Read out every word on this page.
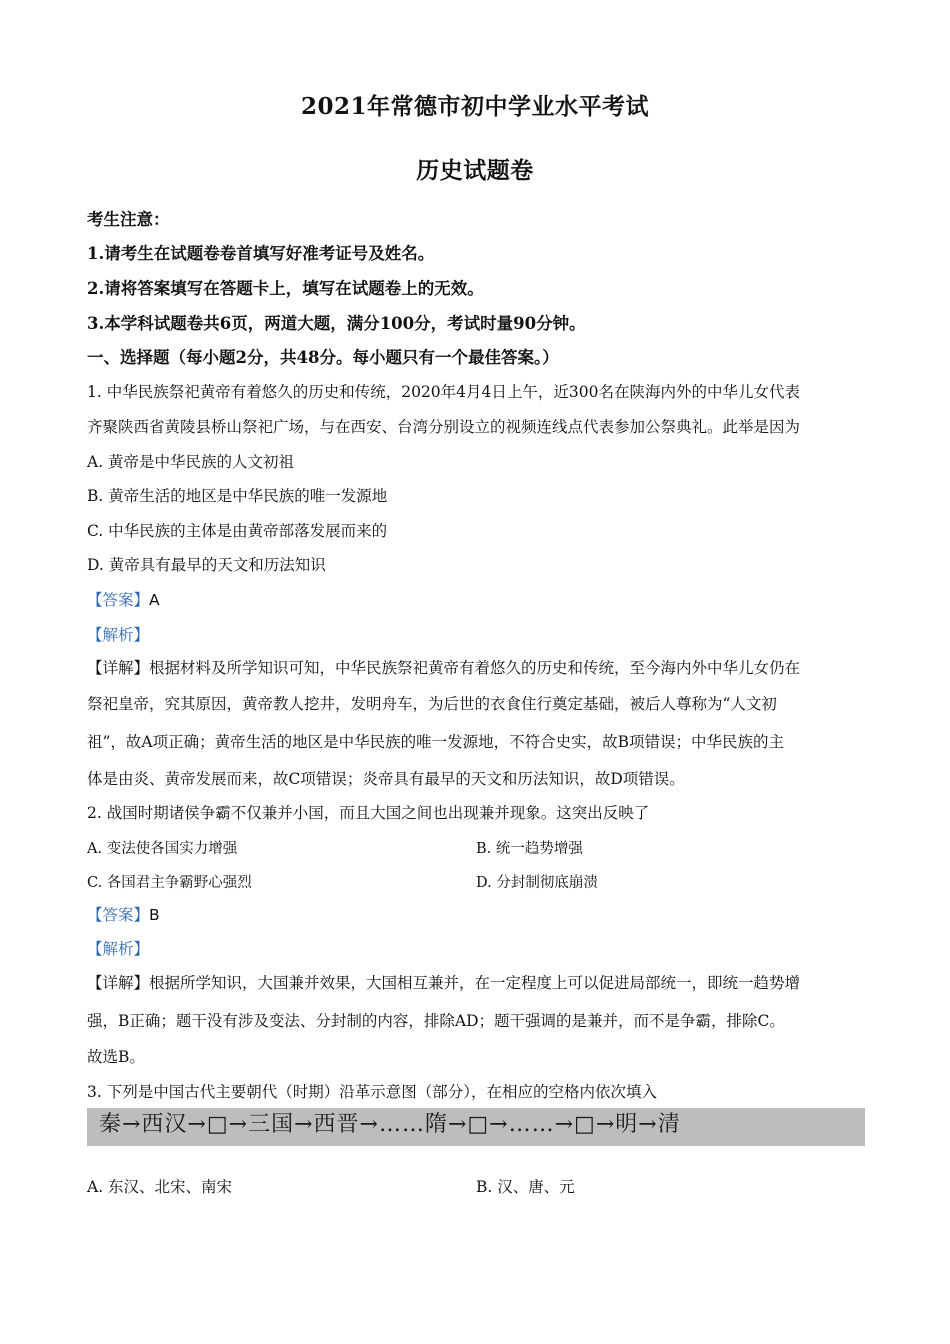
2021年常德市初中学业水平考试
历史试题卷
考生注意：
1.请考生在试题卷卷首填写好准考证号及姓名。
2.请将答案填写在答题卡上，填写在试题卷上的无效。
3.本学科试题卷共6页，两道大题，满分100分，考试时量90分钟。
一、选择题（每小题2分，共48分。每小题只有一个最佳答案。）
1. 中华民族祭祀黄帝有着悠久的历史和传统，2020年4月4日上午，近300名在陕海内外的中华儿女代表
齐聚陕西省黄陵县桥山祭祀广场，与在西安、台湾分别设立的视频连线点代表参加公祭典礼。此举是因为
A. 黄帝是中华民族的人文初祖
B. 黄帝生活的地区是中华民族的唯一发源地
C. 中华民族的主体是由黄帝部落发展而来的
D. 黄帝具有最早的天文和历法知识
【答案】A
【解析】
【详解】根据材料及所学知识可知，中华民族祭祀黄帝有着悠久的历史和传统，至今海内外中华儿女仍在
祭祀皇帝，究其原因，黄帝教人挖井，发明舟车，为后世的衣食住行奠定基础，被后人尊称为“人文初
祖”，故A项正确；黄帝生活的地区是中华民族的唯一发源地，不符合史实，故B项错误；中华民族的主
体是由炎、黄帝发展而来，故C项错误；炎帝具有最早的天文和历法知识，故D项错误。
2. 战国时期诸侯争霸不仅兼并小国，而且大国之间也出现兼并现象。这突出反映了
A. 变法使各国实力增强	B. 统一趋势增强
C. 各国君主争霸野心强烈	D. 分封制彻底崩溃
【答案】B
【解析】
【详解】根据所学知识，大国兼并效果，大国相互兼并，在一定程度上可以促进局部统一，即统一趋势增
强，B正确；题干没有涉及变法、分封制的内容，排除AD；题干强调的是兼并，而不是争霸，排除C。
故选B。
3. 下列是中国古代主要朝代（时期）沿革示意图（部分），在相应的空格内依次填入
秦→西汉→□→三国→西晋→……隋→□→……→□→明→清
A. 东汉、北宋、南宋	B. 汉、唐、元
